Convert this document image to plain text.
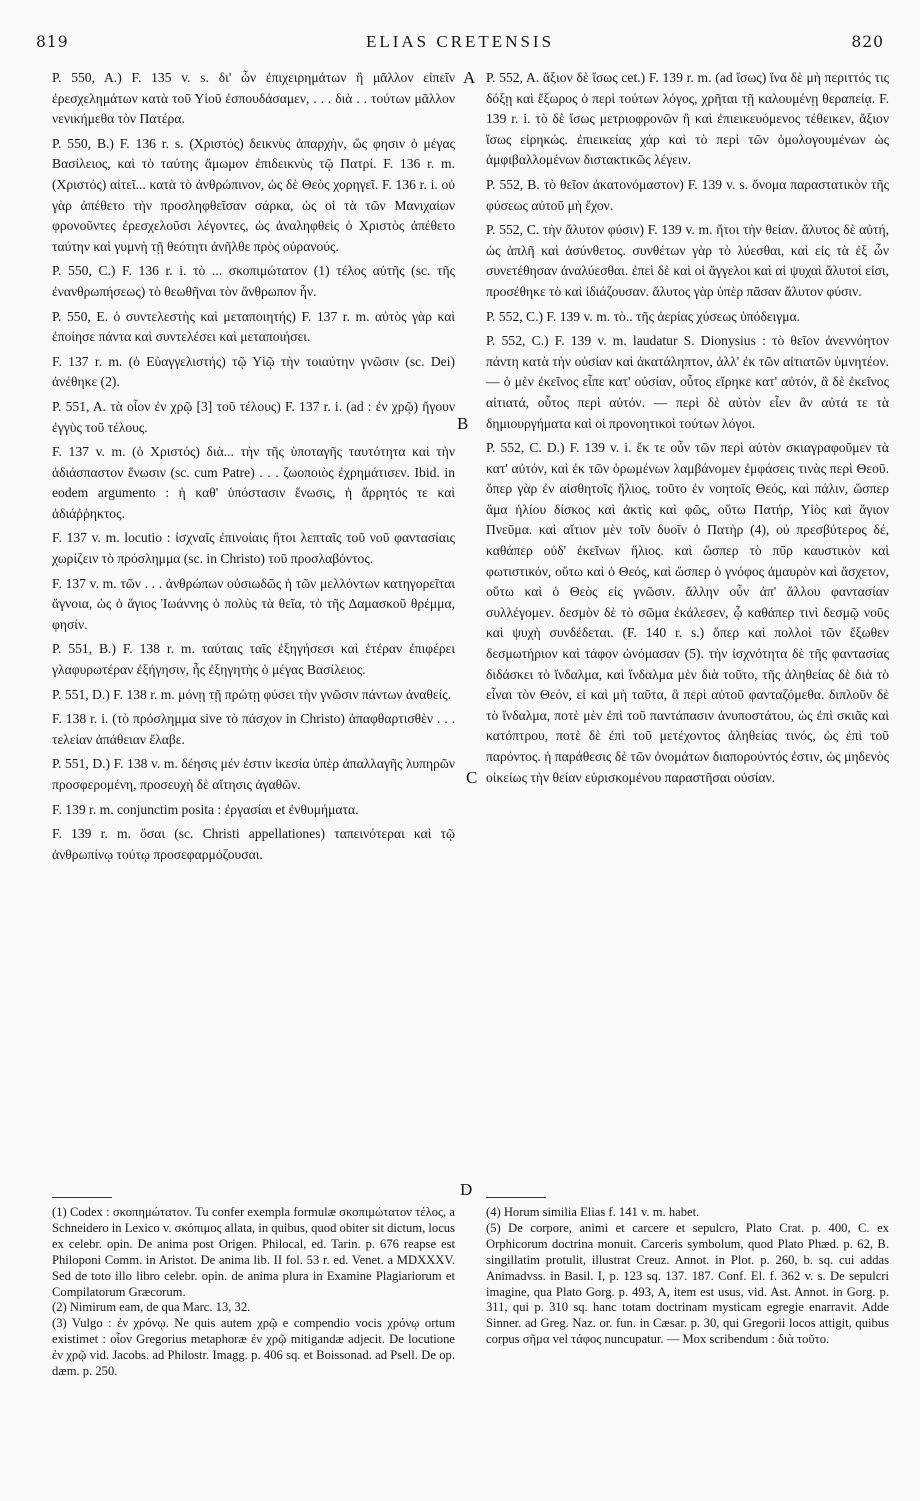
819	ELIAS CRETENSIS	820
A
B
C
D

P. 550, A.) F. 135 v. s. δι' ὧν ἐπιχειρημάτων ἢ μᾶλλον εἰπεῖν ἐρεσχελημάτων κατὰ τοῦ Υἱοῦ ἐσπουδάσαμεν, . . . διὰ . . τούτων μᾶλλον νενικήμεθα τὸν Πατέρα.

P. 550, B.) F. 136 r. s. (Χριστός) δεικνὺς ἀπαρχὴν, ὥς φησιν ὁ μέγας Βασίλειος, καὶ τὸ ταύτης ἄμωμον ἐπιδεικνὺς τῷ Πατρί. F. 136 r. m. (Χριστός) αἰτεῖ... κατὰ τὸ ἀνθρώπινον, ὡς δὲ Θεὸς χορηγεῖ. F. 136 r. i. οὐ γὰρ ἀπέθετο τὴν προσληφθεῖσαν σάρκα, ὡς οἱ τὰ τῶν Μανιχαίων φρονοῦντες ἐρεσχελοῦσι λέγοντες, ὡς ἀναληφθεὶς ὁ Χριστὸς ἀπέθετο ταύτην καὶ γυμνὴ τῇ θεότητι ἀνῆλθε πρὸς οὐρανούς.

P. 550, C.) F. 136 r. i. τὸ ... σκοπιμώτατον (1) τέλος αὐτῆς (sc. τῆς ἐνανθρωπήσεως) τὸ θεωθῆναι τὸν ἄνθρωπον ἦν.

P. 550, E. ὁ συντελεστὴς καὶ μεταποιητής) F. 137 r. m. αὐτὸς γὰρ καὶ ἐποίησε πάντα καὶ συντελέσει καὶ μεταποιήσει.

F. 137 r. m. (ὁ Εὐαγγελιστής) τῷ Υἱῷ τὴν τοιαύτην γνῶσιν (sc. Dei) ἀνέθηκε (2).

P. 551, A. τὰ οἷον ἐν χρῷ [3] τοῦ τέλους) F. 137 r. i. (ad : ἐν χρῷ) ἤγουν ἐγγὺς τοῦ τέλους.

F. 137 v. m. (ὁ Χριστός) διὰ... τὴν τῆς ὑποταγῆς ταυτότητα καὶ τὴν ἀδιάσπαστον ἕνωσιν (sc. cum Patre) . . . ζωοποιὸς ἐχρημάτισεν. Ibid. in eodem argumento : ἡ καθ' ὑπόστασιν ἕνωσις, ἡ ἄρρητός τε καὶ ἀδιάῤῥηκτος.

F. 137 v. m. locutio : ἰσχναῖς ἐπινοίαις ἤτοι λεπταῖς τοῦ νοῦ φαντασίαις χωρίζειν τὸ πρόσλημμα (sc. in Christo) τοῦ προσλαβόντος.

F. 137 v. m. τῶν . . . ἀνθρώπων οὐσιωδῶς ἡ τῶν μελλόντων κατηγορεῖται ἄγνοια, ὡς ὁ ἅγιος Ἰωάννης ὁ πολὺς τὰ θεῖα, τὸ τῆς Δαμασκοῦ θρέμμα, φησίν.

P. 551, B.) F. 138 r. m. ταύταις ταῖς ἐξηγήσεσι καὶ ἑτέραν ἐπιφέρει γλαφυρωτέραν ἐξήγησιν, ἧς ἐξηγητὴς ὁ μέγας Βασίλειος.

P. 551, D.) F. 138 r. m. μόνῃ τῇ πρώτῃ φύσει τὴν γνῶσιν πάντων ἀναθείς.

F. 138 r. i. (τὸ πρόσλημμα sive τὸ πάσχον in Christo) ἀπαφθαρτισθὲν . . . τελείαν ἀπάθειαν ἔλαβε.

P. 551, D.) F. 138 v. m. δέησις μέν ἐστιν ἱκεσία ὑπὲρ ἀπαλλαγῆς λυπηρῶν προσφερομένη, προσευχὴ δὲ αἴτησις ἀγαθῶν.

F. 139 r. m. conjunctim posita : ἐργασίαι et ἐνθυμήματα.

F. 139 r. m. ὅσαι (sc. Christi appellationes) ταπεινότεραι καὶ τῷ ἀνθρωπίνῳ τούτῳ προσεφαρμόζουσαι.

P. 552, A. ἄξιον δὲ ἴσως cet.) F. 139 r. m. (ad ἴσως) ἵνα δὲ μὴ περιττός τις δόξῃ καὶ ἔξωρος ὁ περὶ τούτων λόγος, χρῆται τῇ καλουμένῃ θεραπείᾳ. F. 139 r. i. τὸ δὲ ἴσως μετριοφρονῶν ἢ καὶ ἐπιεικευόμενος τέθεικεν, ἄξιον ἴσως εἰρηκώς. ἐπιεικείας χάρ καὶ τὸ περὶ τῶν ὁμολογουμένων ὡς ἀμφιβαλλομένων διστακτικῶς λέγειν.

P. 552, B. τὸ θεῖον ἀκατονόμαστον) F. 139 v. s. ὄνομα παραστατικὸν τῆς φύσεως αὐτοῦ μὴ ἔχον.

P. 552, C. τὴν ἄλυτον φύσιν) F. 139 v. m. ἤτοι τὴν θείαν. ἄλυτος δὲ αὐτή, ὡς ἁπλῆ καὶ ἀσύνθετος. συνθέτων γὰρ τὸ λύεσθαι, καὶ εἰς τὰ ἐξ ὧν συνετέθησαν ἀναλύεσθαι. ἐπεὶ δὲ καὶ οἱ ἄγγελοι καὶ αἱ ψυχαὶ ἄλυτοί εἰσι, προσέθηκε τὸ καὶ ἰδιάζουσαν. ἄλυτος γὰρ ὑπὲρ πᾶσαν ἄλυτον φύσιν.

P. 552, C.) F. 139 v. m. τὸ.. τῆς ἀερίας χύσεως ὑπόδειγμα.

P. 552, C.) F. 139 v. m. laudatur S. Dionysius : τὸ θεῖον ἀνεννόητον πάντη κατὰ τὴν οὐσίαν καὶ ἀκατάληπτον, ἀλλ' ἐκ τῶν αἰτιατῶν ὑμνητέον. — ὁ μὲν ἐκεῖνος εἶπε κατ' οὐσίαν, οὗτος εἴρηκε κατ' αὐτόν, ἃ δὲ ἐκεῖνος αἰτιατά, οὗτος περὶ αὐτόν. — περὶ δὲ αὐτὸν εἶεν ἂν αὐτά τε τὰ δημιουργήματα καὶ οἱ προνοητικοὶ τούτων λόγοι.

P. 552, C. D.) F. 139 v. i. ἔκ τε οὖν τῶν περὶ αὐτὸν σκιαγραφοῦμεν τὰ κατ' αὐτόν, καὶ ἐκ τῶν ὁρωμένων λαμβάνομεν ἐμφάσεις τινὰς περὶ Θεοῦ. ὅπερ γὰρ ἐν αἰσθητοῖς ἥλιος, τοῦτο ἐν νοητοῖς Θεός, καὶ πάλιν, ὥσπερ ἅμα ἡλίου δίσκος καὶ ἀκτὶς καὶ φῶς, οὕτω Πατήρ, Υἱὸς καὶ ἅγιον Πνεῦμα. καὶ αἴτιον μὲν τοῖν δυοῖν ὁ Πατὴρ (4), οὐ πρεσβύτερος δέ, καθάπερ οὐδ' ἐκεῖνων ἥλιος. καὶ ὥσπερ τὸ πῦρ καυστικὸν καὶ φωτιστικόν, οὕτω καὶ ὁ Θεός, καὶ ὥσπερ ὁ γνόφος ἀμαυρὸν καὶ ἄσχετον, οὕτω καὶ ὁ Θεὸς εἰς γνῶσιν. ἄλλην οὖν ἀπ' ἄλλου φαντασίαν συλλέγομεν. δεσμὸν δὲ τὸ σῶμα ἐκάλεσεν, ᾧ καθάπερ τινὶ δεσμῷ νοῦς καὶ ψυχὴ συνδέδεται. (F. 140 r. s.) ὅπερ καὶ πολλοὶ τῶν ἔξωθεν δεσμωτήριον καὶ τάφον ὠνόμασαν (5). τὴν ἰσχνότητα δὲ τῆς φαντασίας διδάσκει τὸ ἴνδαλμα, καὶ ἴνδαλμα μὲν διὰ τοῦτο, τῆς ἀληθείας δὲ διὰ τὸ εἶναι τὸν Θεόν, εἰ καὶ μὴ ταῦτα, ἃ περὶ αὐτοῦ φανταζόμεθα. διπλοῦν δὲ τὸ ἴνδαλμα, ποτὲ μὲν ἐπὶ τοῦ παντάπασιν ἀνυποστάτου, ὡς ἐπὶ σκιᾶς καὶ κατόπτρου, ποτὲ δὲ ἐπὶ τοῦ μετέχοντος ἀληθείας τινός, ὡς ἐπὶ τοῦ παρόντος. ἡ παράθεσις δὲ τῶν ὀνομάτων διαπορούντός ἐστιν, ὡς μηδενὸς οἰκείως τὴν θείαν εὑρισκομένου παραστῆσαι οὐσίαν.

(1) Codex : σκοπημώτατον. Tu confer exempla formulæ σκοπιμώτατον τέλος, a Schneidero in Lexico v. σκόπιμος allata, in quibus, quod obiter sit dictum, locus ex celebr. opin. De anima post Origen. Philocal, ed. Tarin. p. 676 reapse est Philoponi Comm. in Aristot. De anima lib. II fol. 53 r. ed. Venet. a MDXXXV. Sed de toto illo libro celebr. opin. de anima plura in Examine Plagiariorum et Compilatorum Græcorum.

(2) Nimirum eam, de qua Marc. 13, 32.

(3) Vulgo : ἐν χρόνῳ. Ne quis autem χρῷ e compendio vocis χρόνῳ ortum existimet : οἷον Gregorius metaphoræ ἐν χρῷ mitigandæ adjecit. De locutione ἐν χρῷ vid. Jacobs. ad Philostr. Imagg. p. 406 sq. et Boissonad. ad Psell. De op. dæm. p. 250.

(4) Horum similia Elias f. 141 v. m. habet.

(5) De corpore, animi et carcere et sepulcro, Plato Crat. p. 400, C. ex Orphicorum doctrina monuit. Carceris symbolum, quod Plato Phæd. p. 62, B. singillatim protulit, illustrat Creuz. Annot. in Plot. p. 260, b. sq. cui addas Animadvss. in Basil. I, p. 123 sq. 137. 187. Conf. El. f. 362 v. s. De sepulcri imagine, qua Plato Gorg. p. 493, A, item est usus, vid. Ast. Annot. in Gorg. p. 311, qui p. 310 sq. hanc totam doctrinam mysticam egregie enarravit. Adde Sinner. ad Greg. Naz. or. fun. in Cæsar. p. 30, qui Gregorii locos attigit, quibus corpus σῆμα vel τάφος nuncupatur. — Mox scribendum : διὰ τοῦτο.
